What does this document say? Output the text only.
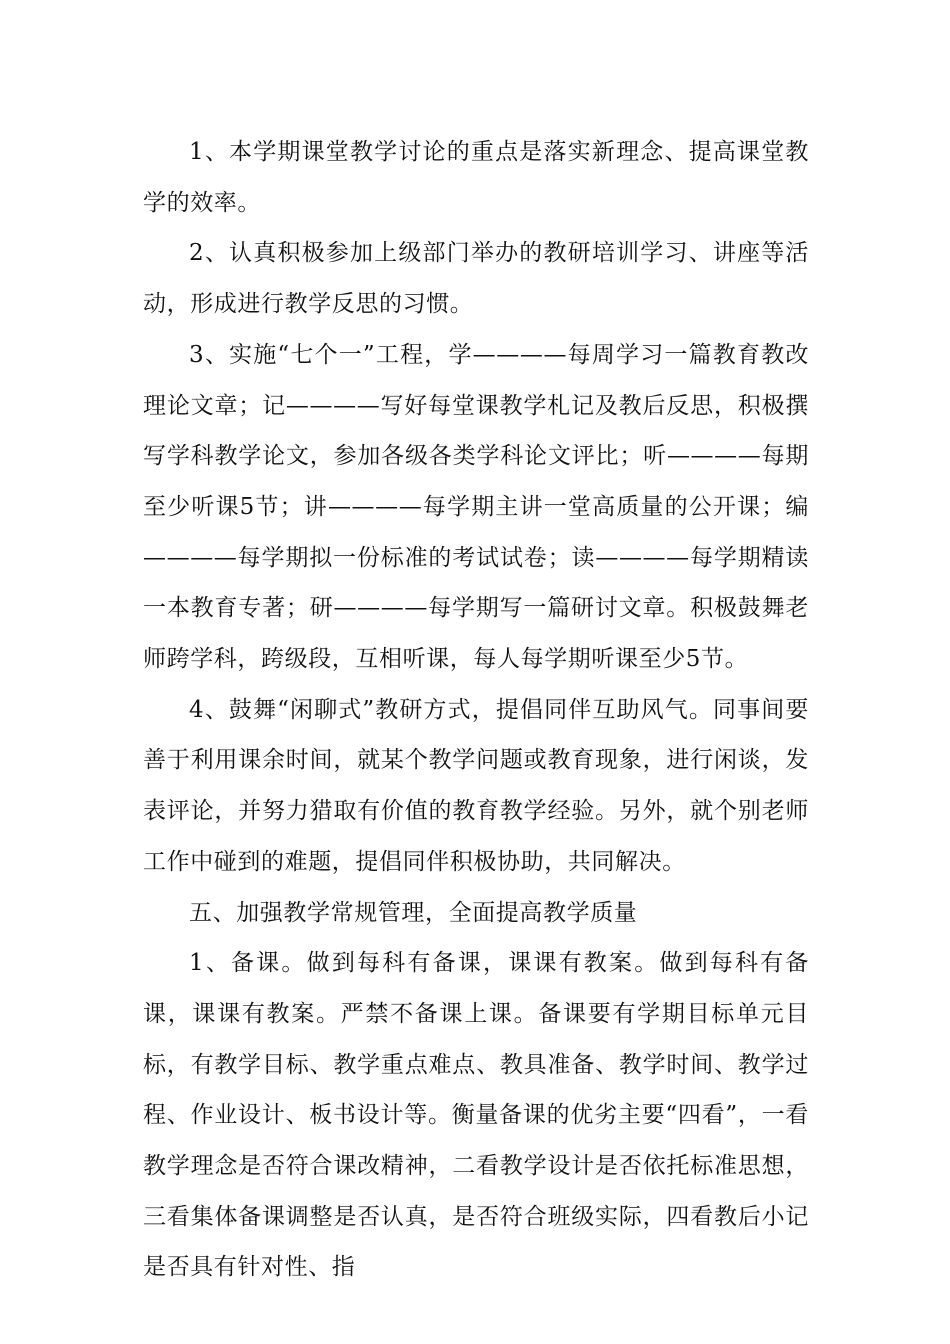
1、本学期课堂教学讨论的重点是落实新理念、提高课堂教学的效率。

2、认真积极参加上级部门举办的教研培训学习、讲座等活动，形成进行教学反思的习惯。

3、实施“七个一”工程，学————每周学习一篇教育教改理论文章；记————写好每堂课教学札记及教后反思，积极撰写学科教学论文，参加各级各类学科论文评比；听————每期至少听课5节；讲————每学期主讲一堂高质量的公开课；编————每学期拟一份标准的考试试卷；读————每学期精读一本教育专著；研————每学期写一篇研讨文章。积极鼓舞老师跨学科，跨级段，互相听课，每人每学期听课至少5节。

4、鼓舞“闲聊式”教研方式，提倡同伴互助风气。同事间要善于利用课余时间，就某个教学问题或教育现象，进行闲谈，发表评论，并努力猎取有价值的教育教学经验。另外，就个别老师工作中碰到的难题，提倡同伴积极协助，共同解决。

五、加强教学常规管理，全面提高教学质量

1、备课。做到每科有备课，课课有教案。做到每科有备课，课课有教案。严禁不备课上课。备课要有学期目标单元目标，有教学目标、教学重点难点、教具准备、教学时间、教学过程、作业设计、板书设计等。衡量备课的优劣主要“四看”，一看教学理念是否符合课改精神，二看教学设计是否依托标准思想，三看集体备课调整是否认真，是否符合班级实际，四看教后小记是否具有针对性、指
